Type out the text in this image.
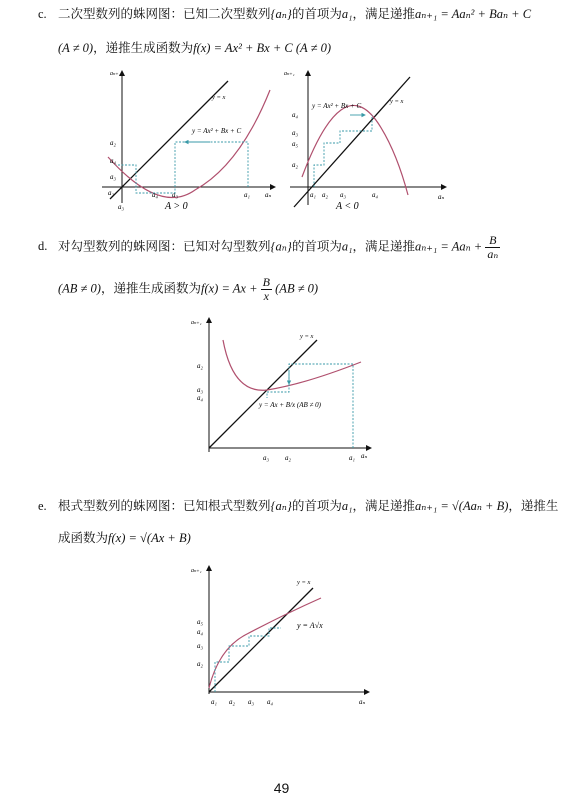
c. 二次型数列的蛛网图：已知二次型数列{aₙ}的首项为a₁，满足递推aₙ₊₁ = Aaₙ² + Baₙ + C
(A ≠ 0)，递推生成函数为f(x) = Ax² + Bx + C (A ≠ 0)
aₙ₊₁
aₙ
y = x
y = Ax² + Bx + C
a₂
a₄
a₃
a₂	a₄ a₃	a₁
a₃	A > 0
aₙ₊₁
aₙ
y = x
y = Ax² + Bx + C
a₄
a₃
a₅
a₂
a₁ a₂ a₃	a₄
A < 0
d. 对勾型数列的蛛网图：已知对勾型数列{aₙ}的首项为a₁，满足递推$a_{n+1} = Aa_n + \frac{B}{\text{aₙ}}$
(AB ≠ 0)，递推生成函数为$f(x) = Ax + \frac{B}{x} (AB \ne 0)$
aₙ₊₁
aₙ
y = x
y = Ax + B/x (AB ≠ 0)
a₂
a₃
a₄
a₃ a₂	a₁
e. 根式型数列的蛛网图：已知根式型数列{aₙ}的首项为a₁，满足递推aₙ₊₁ = √(Aaₙ + B)，递推生
成函数为f(x) = √(Ax + B)
aₙ₊₁
aₙ
y = x
y = A√x
a₅
a₄
a₃
a₂
a₁ a₂ a₃ a₄
49
